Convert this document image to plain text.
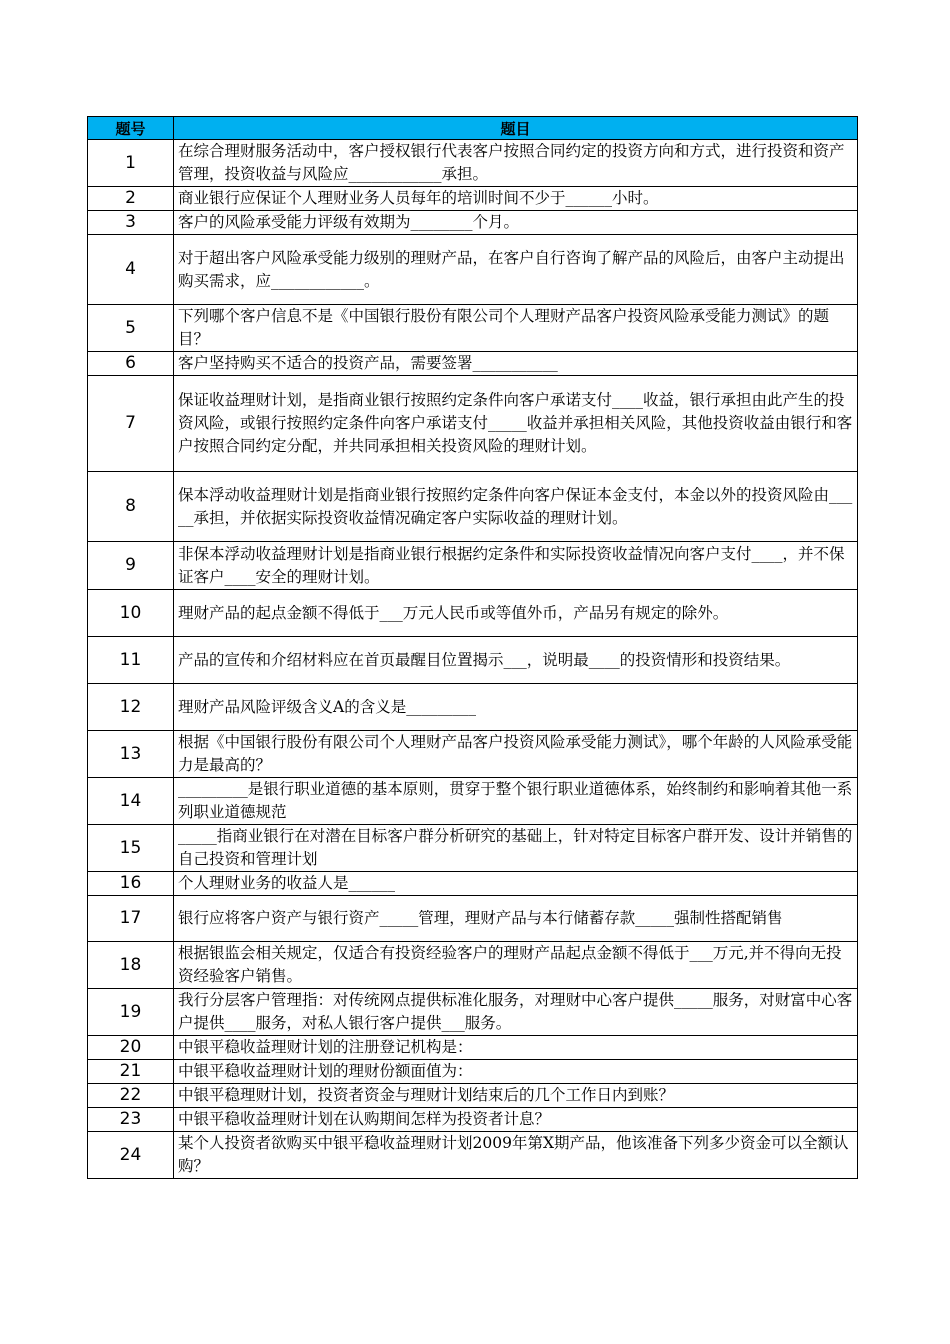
题号	题目
1	在综合理财服务活动中，客户授权银行代表客户按照合同约定的投资方向和方式，进行投资和资产管理，投资收益与风险应____________承担。
2	商业银行应保证个人理财业务人员每年的培训时间不少于______小时。
3	客户的风险承受能力评级有效期为________个月。
4	对于超出客户风险承受能力级别的理财产品，在客户自行咨询了解产品的风险后，由客户主动提出购买需求，应____________。
5	下列哪个客户信息不是《中国银行股份有限公司个人理财产品客户投资风险承受能力测试》的题目？
6	客户坚持购买不适合的投资产品，需要签署___________
7	保证收益理财计划，是指商业银行按照约定条件向客户承诺支付____收益，银行承担由此产生的投资风险，或银行按照约定条件向客户承诺支付_____收益并承担相关风险，其他投资收益由银行和客户按照合同约定分配，并共同承担相关投资风险的理财计划。
8	保本浮动收益理财计划是指商业银行按照约定条件向客户保证本金支付，本金以外的投资风险由_____承担，并依据实际投资收益情况确定客户实际收益的理财计划。
9	非保本浮动收益理财计划是指商业银行根据约定条件和实际投资收益情况向客户支付____，并不保证客户____安全的理财计划。
10	理财产品的起点金额不得低于___万元人民币或等值外币，产品另有规定的除外。
11	产品的宣传和介绍材料应在首页最醒目位置揭示___，说明最____的投资情形和投资结果。
12	理财产品风险评级含义A的含义是_________
13	根据《中国银行股份有限公司个人理财产品客户投资风险承受能力测试》，哪个年龄的人风险承受能力是最高的？
14	_________是银行职业道德的基本原则，贯穿于整个银行职业道德体系，始终制约和影响着其他一系列职业道德规范
15	_____指商业银行在对潜在目标客户群分析研究的基础上，针对特定目标客户群开发、设计并销售的自己投资和管理计划
16	个人理财业务的收益人是______
17	银行应将客户资产与银行资产_____管理，理财产品与本行储蓄存款_____强制性搭配销售
18	根据银监会相关规定，仅适合有投资经验客户的理财产品起点金额不得低于___万元,并不得向无投资经验客户销售。
19	我行分层客户管理指：对传统网点提供标准化服务，对理财中心客户提供_____服务，对财富中心客户提供____服务，对私人银行客户提供___服务。
20	中银平稳收益理财计划的注册登记机构是：
21	中银平稳收益理财计划的理财份额面值为：
22	中银平稳理财计划，投资者资金与理财计划结束后的几个工作日内到账？
23	中银平稳收益理财计划在认购期间怎样为投资者计息？
24	某个人投资者欲购买中银平稳收益理财计划2009年第X期产品，他该准备下列多少资金可以全额认购？
